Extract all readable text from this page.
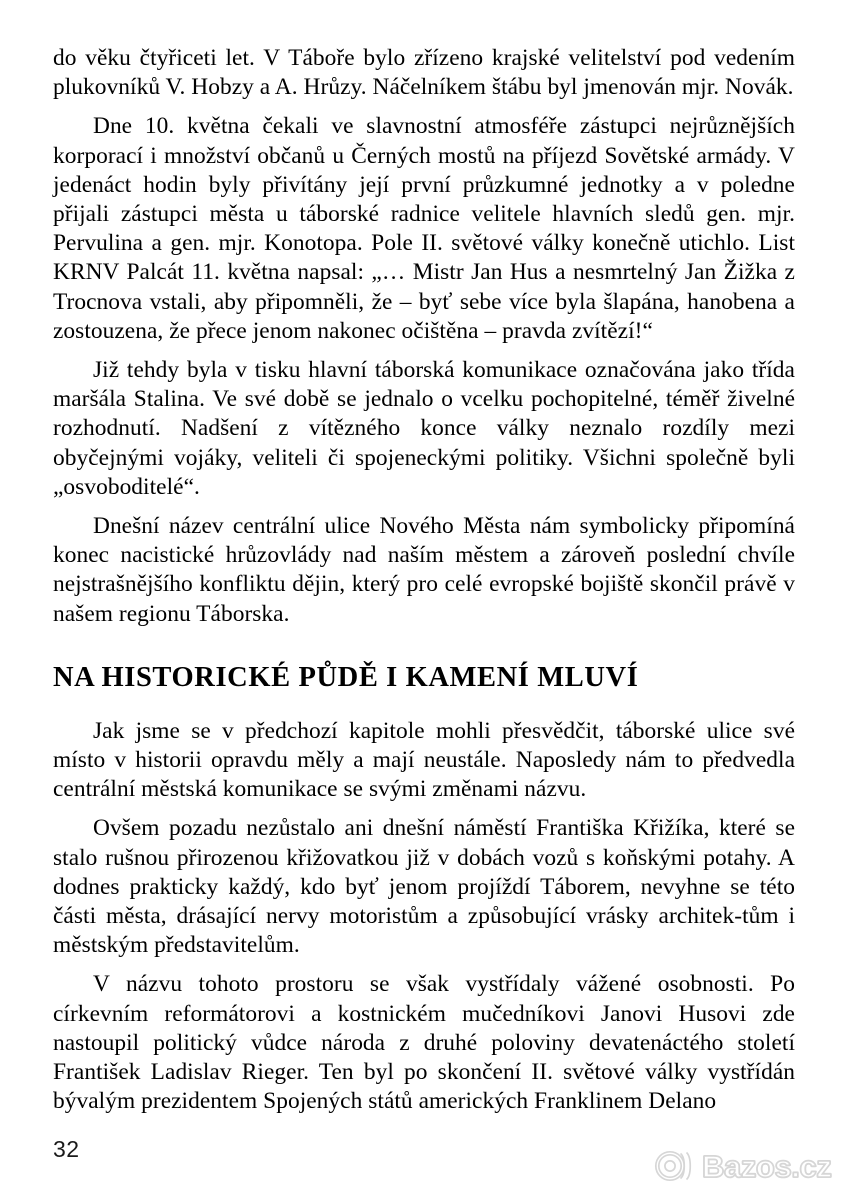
do věku čtyřiceti let. V Táboře bylo zřízeno krajské velitelství pod vedením plukovníků V. Hobzy a A. Hrůzy. Náčelníkem štábu byl jmenován mjr. Novák.

Dne 10. května čekali ve slavnostní atmosféře zástupci nejrůznějších korporací i množství občanů u Černých mostů na příjezd Sovětské armády. V jedenáct hodin byly přivítány její první průzkumné jednotky a v poledne přijali zástupci města u táborské radnice velitele hlavních sledů gen. mjr. Pervulina a gen. mjr. Konotopa. Pole II. světové války konečně utichlo. List KRNV Palcát 11. května napsal: „… Mistr Jan Hus a nesmrtelný Jan Žižka z Trocnova vstali, aby připomněli, že – byť sebe více byla šlapána, hanobena a zostouzena, že přece jenom nakonec očištěna – pravda zvítězí!“

Již tehdy byla v tisku hlavní táborská komunikace označována jako třída maršála Stalina. Ve své době se jednalo o vcelku pochopitelné, téměř živelné rozhodnutí. Nadšení z vítězného konce války neznalo rozdíly mezi obyčejnými vojáky, veliteli či spojeneckými politiky. Všichni společně byli „osvoboditelé“.

Dnešní název centrální ulice Nového Města nám symbolicky připomíná konec nacistické hrůzovlády nad naším městem a zároveň poslední chvíle nejstrašnějšího konfliktu dějin, který pro celé evropské bojiště skončil právě v našem regionu Táborska.

NA HISTORICKÉ PŮDĚ I KAMENÍ MLUVÍ

Jak jsme se v předchozí kapitole mohli přesvědčit, táborské ulice své místo v historii opravdu měly a mají neustále. Naposledy nám to předvedla centrální městská komunikace se svými změnami názvu.

Ovšem pozadu nezůstalo ani dnešní náměstí Františka Křižíka, které se stalo rušnou přirozenou křižovatkou již v dobách vozů s koňskými potahy. A dodnes prakticky každý, kdo byť jenom projíždí Táborem, nevyhne se této části města, drásající nervy motoristům a způsobující vrásky architek-tům i městským představitelům.

V názvu tohoto prostoru se však vystřídaly vážené osobnosti. Po církevním reformátorovi a kostnickém mučedníkovi Janovi Husovi zde nastoupil politický vůdce národa z druhé poloviny devatenáctého století František Ladislav Rieger. Ten byl po skončení II. světové války vystřídán bývalým prezidentem Spojených států amerických Franklinem Delano

32	Bazos.cz
